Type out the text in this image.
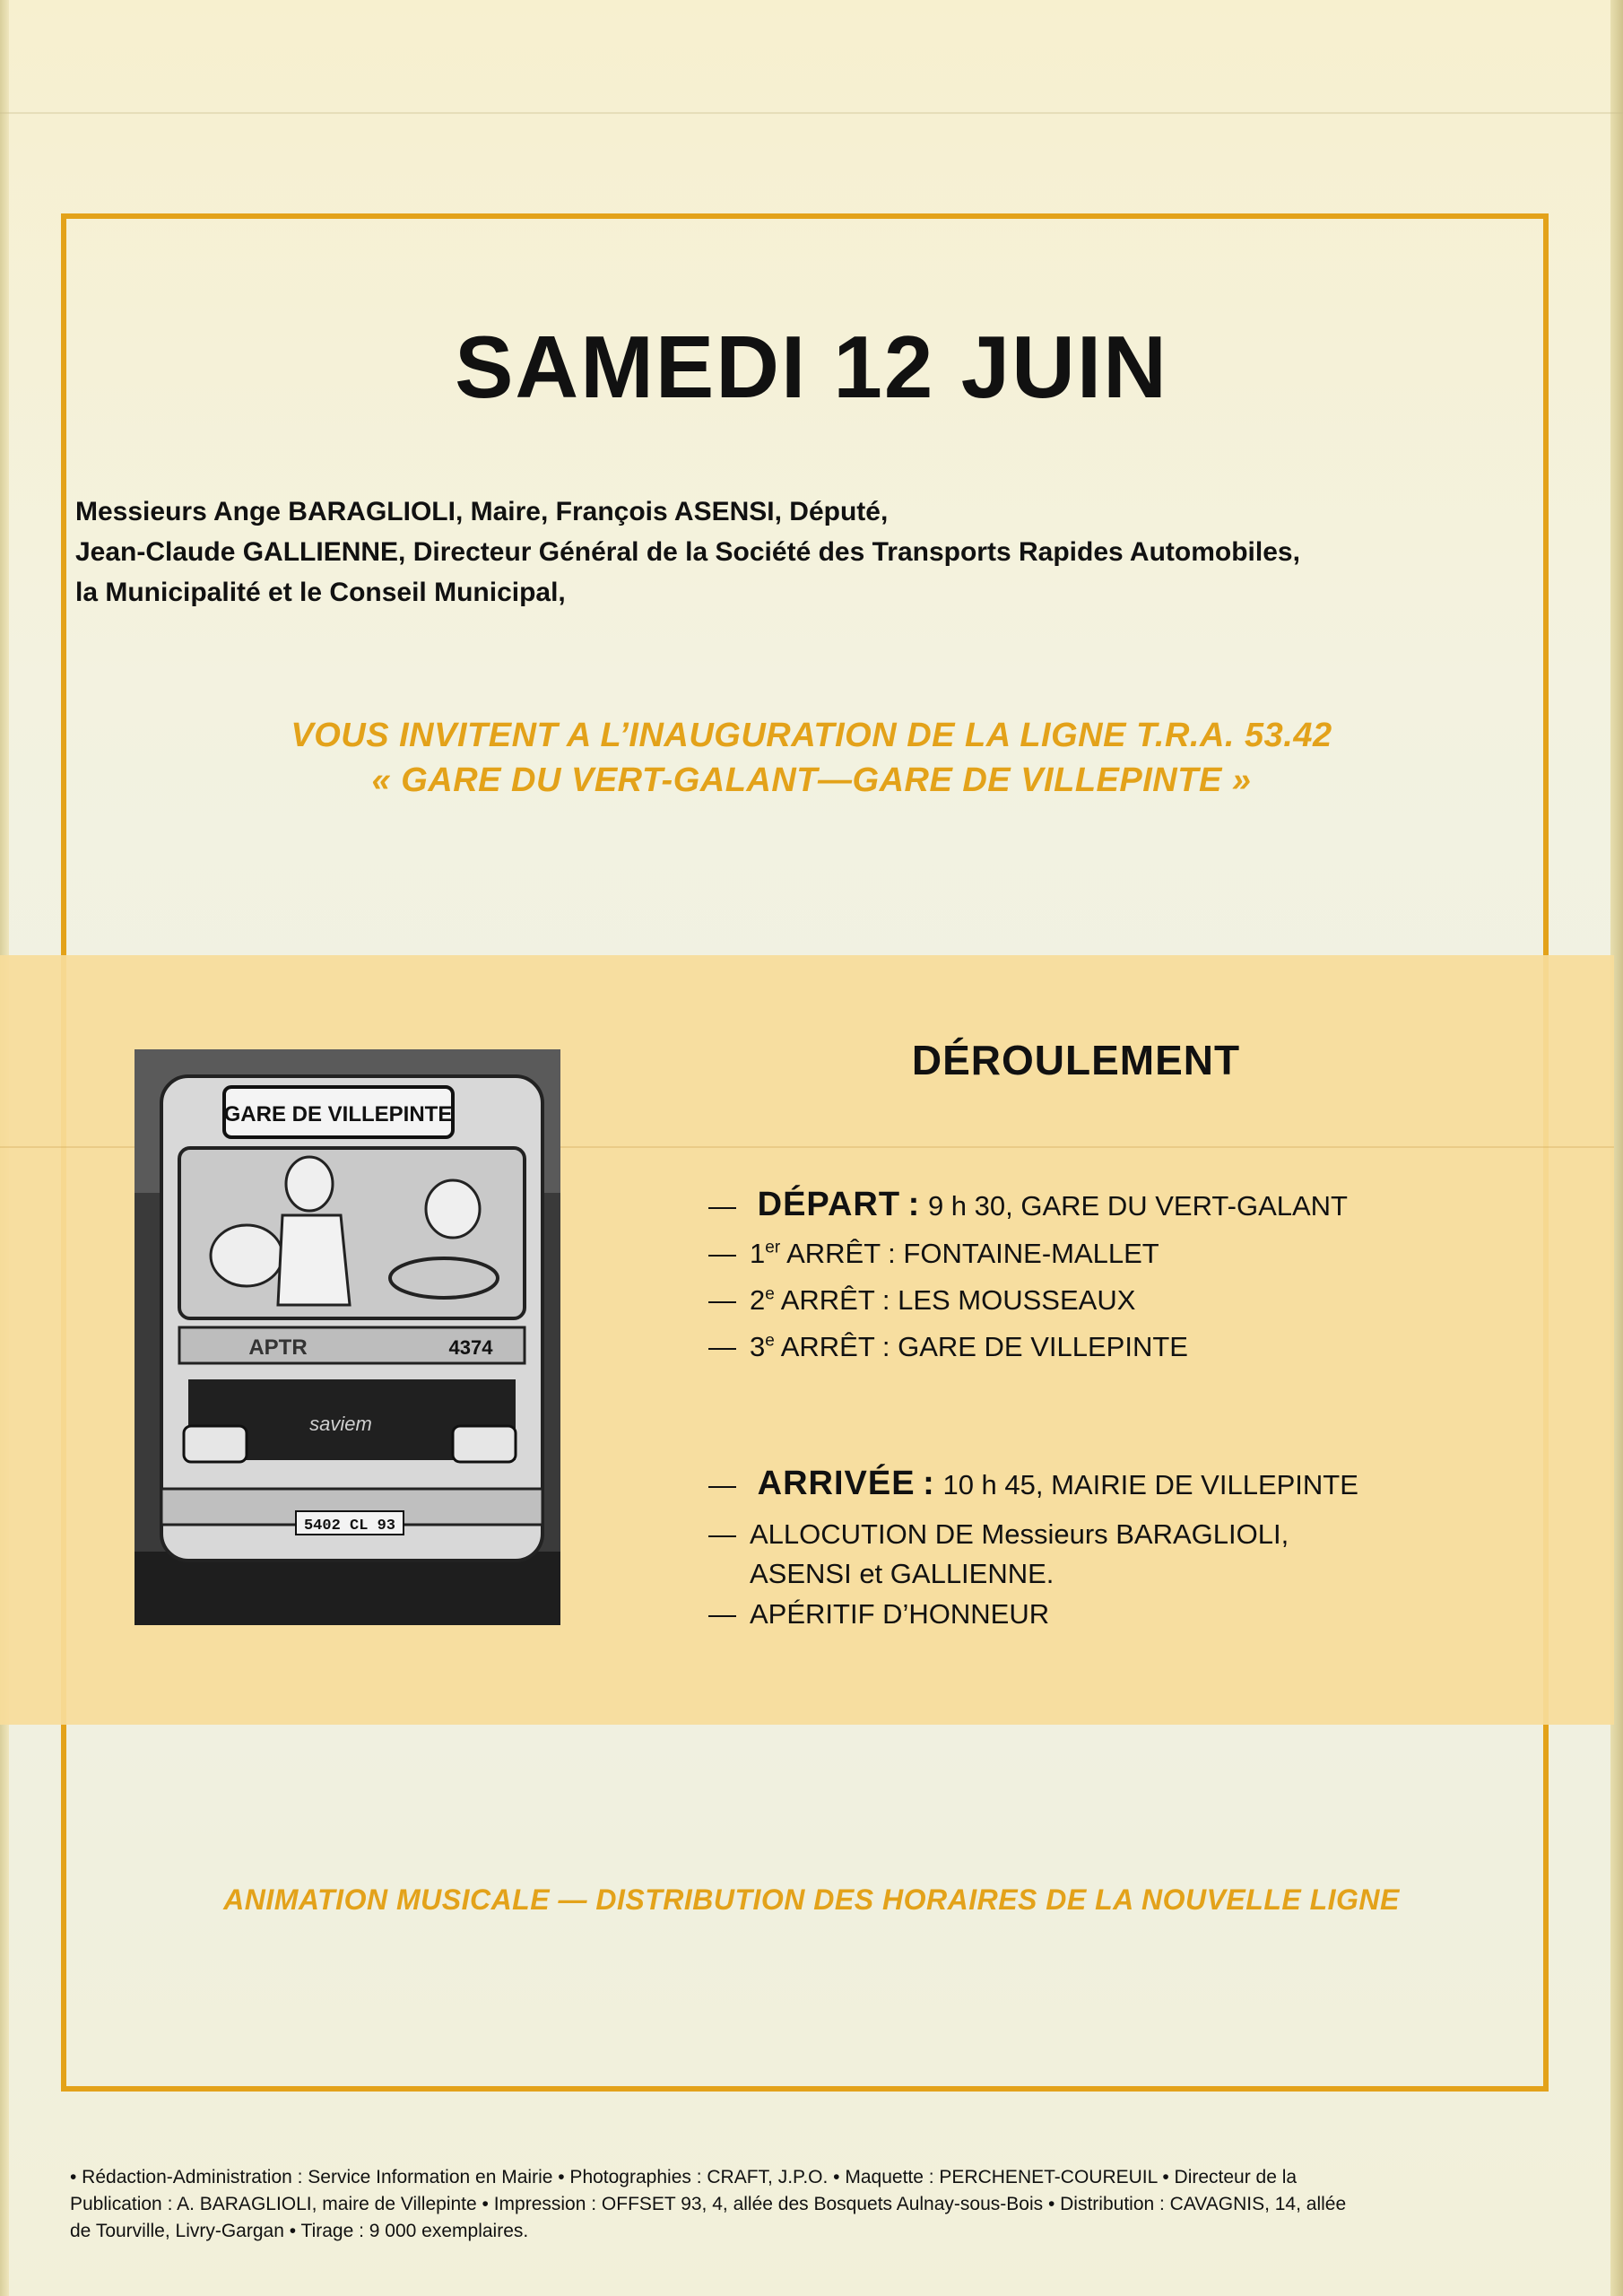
SAMEDI 12 JUIN
Messieurs Ange BARAGLIOLI, Maire, François ASENSI, Député,
Jean-Claude GALLIENNE, Directeur Général de la Société des Transports Rapides Automobiles,
la Municipalité et le Conseil Municipal,
VOUS INVITENT A L’INAUGURATION DE LA LIGNE T.R.A. 53.42
« GARE DU VERT-GALANT—GARE DE VILLEPINTE »
GARE DE VILLEPINTE
APTR	4374
saviem
5402 CL 93
DÉROULEMENT
— DÉPART : 9 h 30, GARE DU VERT-GALANT
— 1er ARRÊT : FONTAINE-MALLET
— 2e ARRÊT : LES MOUSSEAUX
— 3e ARRÊT : GARE DE VILLEPINTE
— ARRIVÉE : 10 h 45, MAIRIE DE VILLEPINTE
— ALLOCUTION DE Messieurs BARAGLIOLI,
ASENSI et GALLIENNE.
— APÉRITIF D’HONNEUR
ANIMATION MUSICALE — DISTRIBUTION DES HORAIRES DE LA NOUVELLE LIGNE
• Rédaction-Administration : Service Information en Mairie • Photographies : CRAFT, J.P.O. • Maquette : PERCHENET-COUREUIL • Directeur de la
Publication : A. BARAGLIOLI, maire de Villepinte • Impression : OFFSET 93, 4, allée des Bosquets Aulnay-sous-Bois • Distribution : CAVAGNIS, 14, allée
de Tourville, Livry-Gargan • Tirage : 9 000 exemplaires.
